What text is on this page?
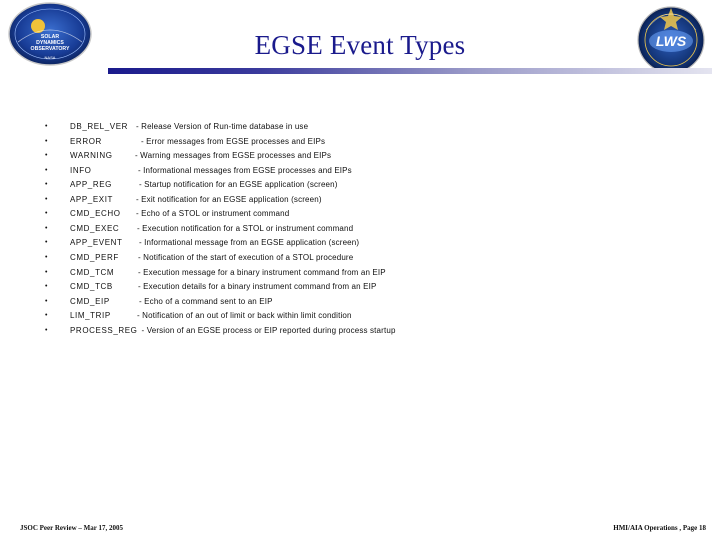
SOLAR
DYNAMICS
OBSERVATORY
NASA
LWS
EGSE Event Types
•	DB_REL_VER - Release Version of Run-time database in use
•	ERROR	- Error messages from EGSE processes and EIPs
•	WARNING	- Warning messages from EGSE processes and EIPs
•	INFO	- Informational messages from EGSE processes and EIPs
•	APP_REG	- Startup notification for an EGSE application (screen)
•	APP_EXIT	- Exit notification for an EGSE application (screen)
•	CMD_ECHO - Echo of a STOL or instrument command
•	CMD_EXEC - Execution notification for a STOL or instrument command
•	APP_EVENT - Informational message from an EGSE application (screen)
•	CMD_PERF - Notification of the start of execution of a STOL procedure
•	CMD_TCM	- Execution message for a binary instrument command from an EIP
•	CMD_TCB	- Execution details for a binary instrument command from an EIP
•	CMD_EIP	- Echo of a command sent to an EIP
•	LIM_TRIP	- Notification of an out of limit or back within limit condition
•	PROCESS_REG - Version of an EGSE process or EIP reported during process startup
JSOC Peer Review – Mar 17, 2005	HMI/AIA Operations , Page 18
